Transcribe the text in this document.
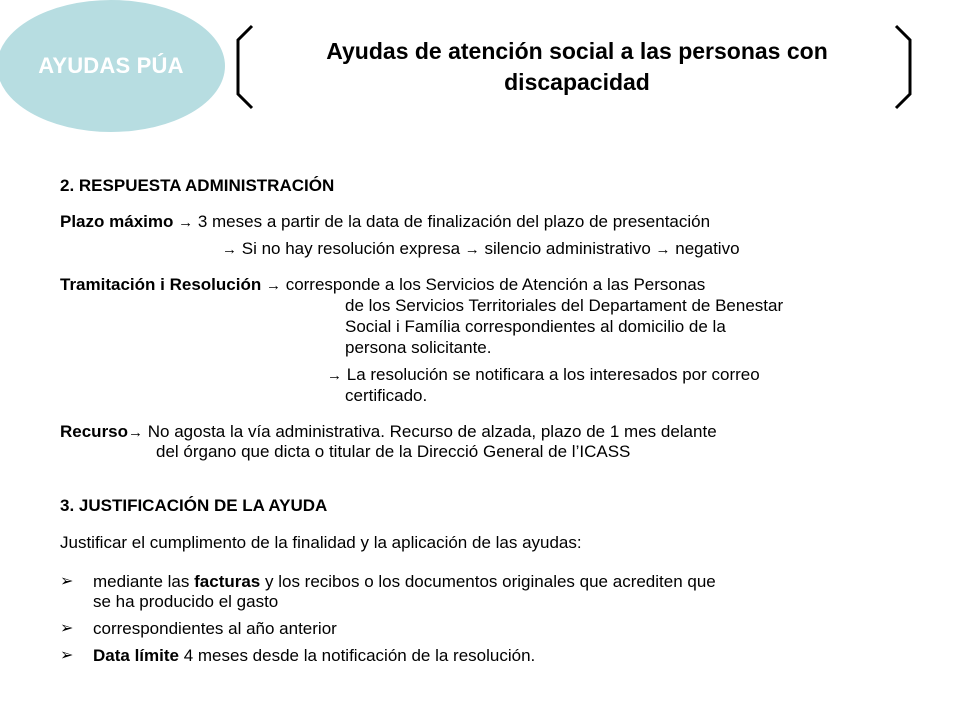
AYUDAS PÚA
Ayudas de atención social a las personas con
discapacidad
2. RESPUESTA ADMINISTRACIÓN
Plazo máximo → 3 meses a partir de la data de finalización del plazo de presentación
→ Si no hay resolución expresa → silencio administrativo → negativo
Tramitación i Resolución → corresponde a los Servicios de Atención a las Personas
de los Servicios Territoriales del Departament de Benestar
Social i Família correspondientes al domicilio de la
persona solicitante.
→ La resolución se notificara a los interesados por correo
certificado.
Recurso→ No agosta la vía administrativa. Recurso de alzada, plazo de 1 mes delante
del órgano que dicta o titular de la Direcció General de l’ICASS
3. JUSTIFICACIÓN DE LA AYUDA
Justificar el cumplimento de la finalidad y la aplicación de las ayudas:
➢	mediante las facturas y los recibos o los documentos originales que acrediten que
se ha producido el gasto
➢	correspondientes al año anterior
➢	Data límite 4 meses desde la notificación de la resolución.
